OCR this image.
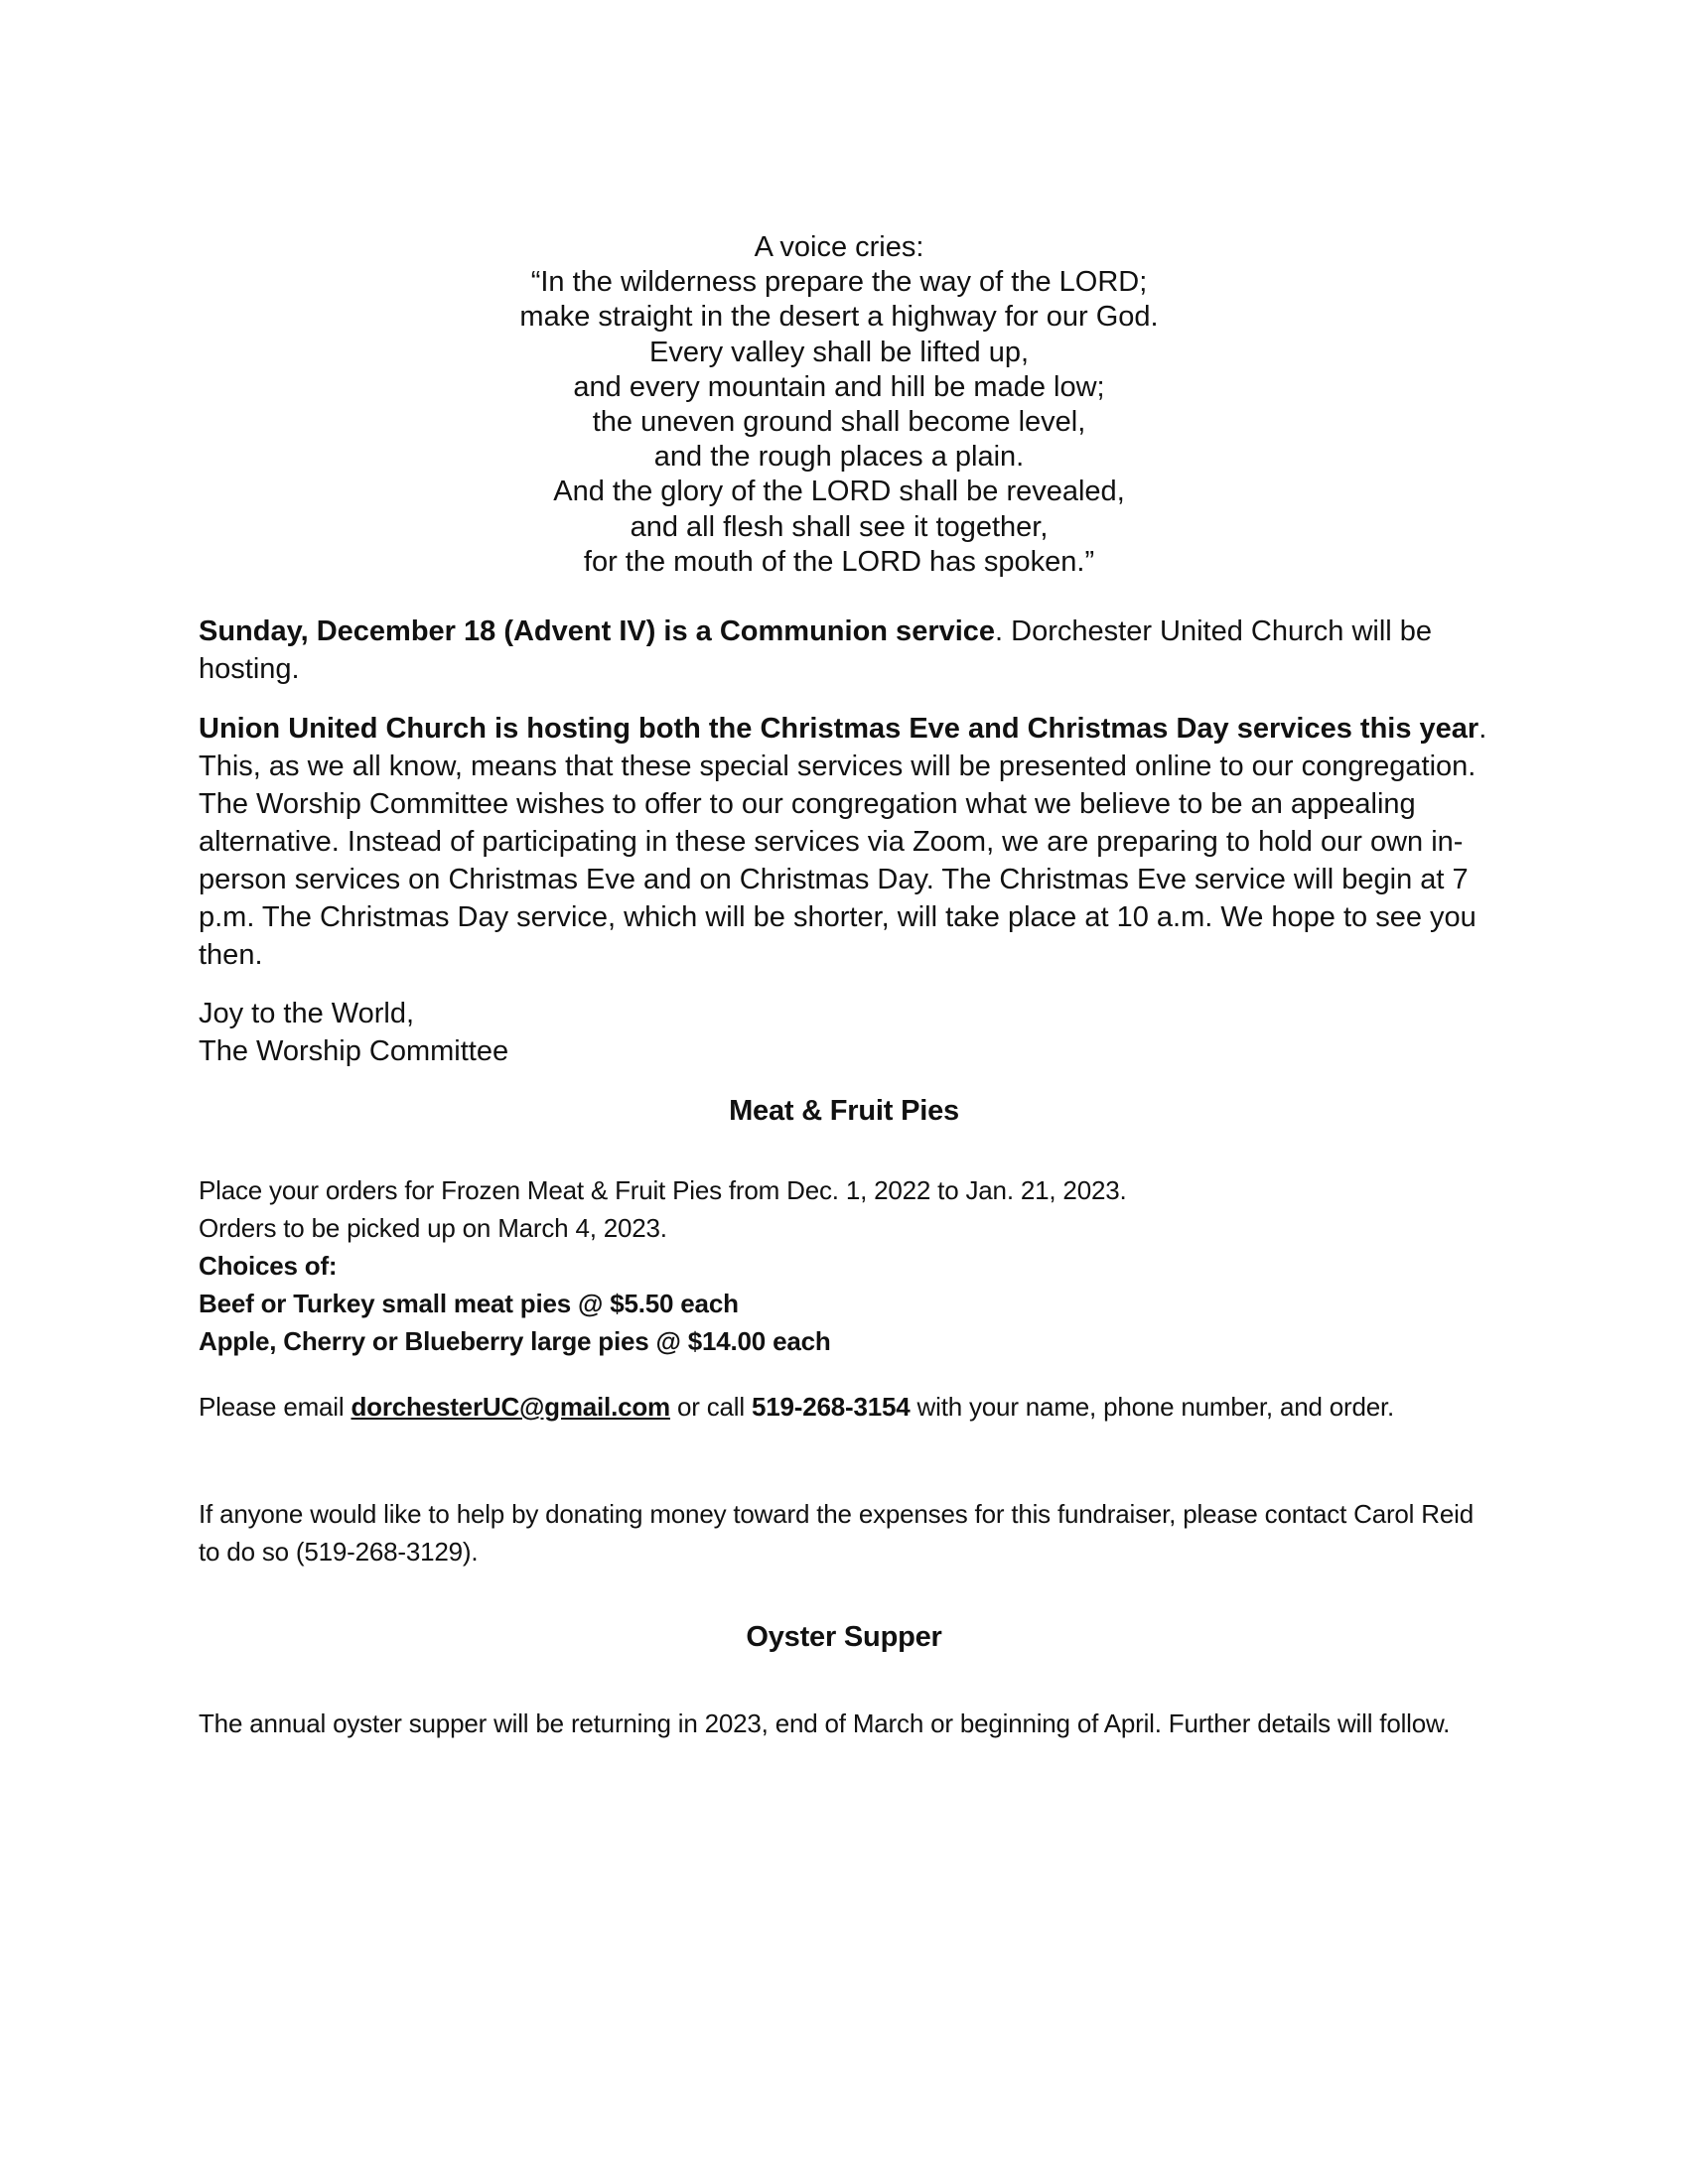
A voice cries:
“In the wilderness prepare the way of the LORD;
make straight in the desert a highway for our God.
Every valley shall be lifted up,
and every mountain and hill be made low;
the uneven ground shall become level,
and the rough places a plain.
And the glory of the LORD shall be revealed,
and all flesh shall see it together,
for the mouth of the LORD has spoken.”

Sunday, December 18 (Advent IV) is a Communion service. Dorchester United Church will be hosting.

Union United Church is hosting both the Christmas Eve and Christmas Day services this year. This, as we all know, means that these special services will be presented online to our congregation. The Worship Committee wishes to offer to our congregation what we believe to be an appealing alternative. Instead of participating in these services via Zoom, we are preparing to hold our own in-person services on Christmas Eve and on Christmas Day. The Christmas Eve service will begin at 7 p.m. The Christmas Day service, which will be shorter, will take place at 10 a.m. We hope to see you then.

Joy to the World,
The Worship Committee
Meat & Fruit Pies
Place your orders for Frozen Meat & Fruit Pies from Dec. 1, 2022 to Jan. 21, 2023.
Orders to be picked up on March 4, 2023.
Choices of:
Beef or Turkey small meat pies @ $5.50 each
Apple, Cherry or Blueberry large pies @ $14.00 each

Please email dorchesterUC@gmail.com or call 519-268-3154 with your name, phone number, and order.

If anyone would like to help by donating money toward the expenses for this fundraiser, please contact Carol Reid to do so (519-268-3129).

Oyster Supper

The annual oyster supper will be returning in 2023, end of March or beginning of April. Further details will follow.
